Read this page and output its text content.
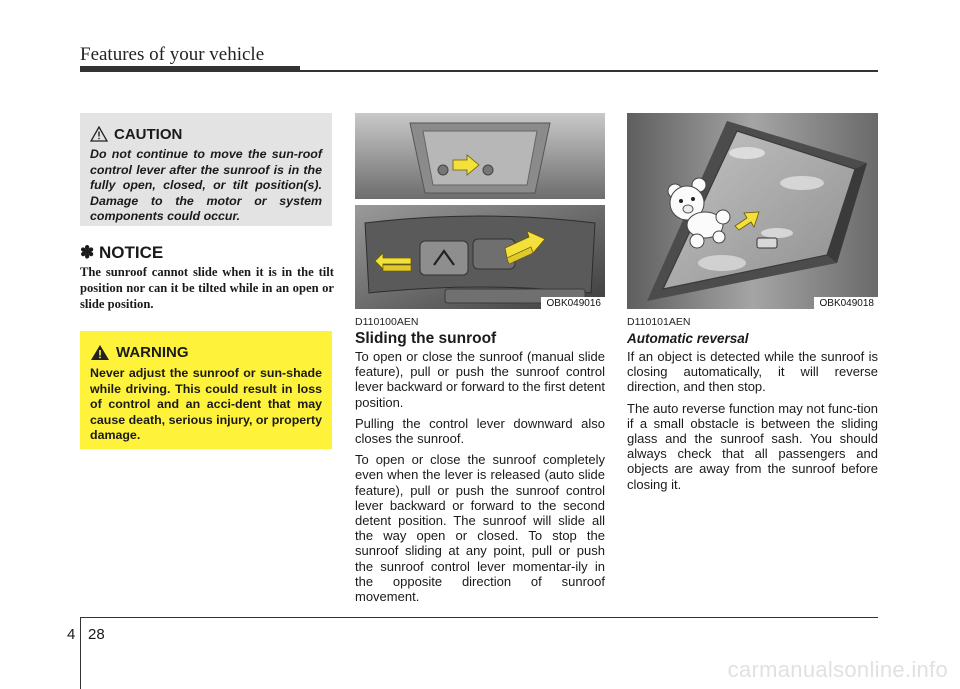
Features of your vehicle
CAUTION
Do not continue to move the sun-roof control lever after the sunroof is in the fully open, closed, or tilt position(s). Damage to the motor or system components could occur.
✽ NOTICE
The sunroof cannot slide when it is in the tilt position nor can it be tilted while in an open or slide position.
WARNING
Never adjust the sunroof or sun-shade while driving. This could result in loss of control and an acci-dent that may cause death, serious injury, or property damage.
OBK049016	OBK049018
D110100AEN
Sliding the sunroof

To open or close the sunroof (manual slide feature), pull or push the sunroof control lever backward or forward to the first detent position.

Pulling the control lever downward also closes the sunroof.

To open or close the sunroof completely even when the lever is released (auto slide feature), pull or push the sunroof control lever backward or forward to the second detent position. The sunroof will slide all the way open or closed. To stop the sunroof sliding at any point, pull or push the sunroof control lever momentar-ily in the opposite direction of sunroof movement.

D110101AEN
Automatic reversal

If an object is detected while the sunroof is closing automatically, it will reverse direction, and then stop.

The auto reverse function may not func-tion if a small obstacle is between the sliding glass and the sunroof sash. You should always check that all passengers and objects are away from the sunroof before closing it.

4 28
carmanualsonline.info
